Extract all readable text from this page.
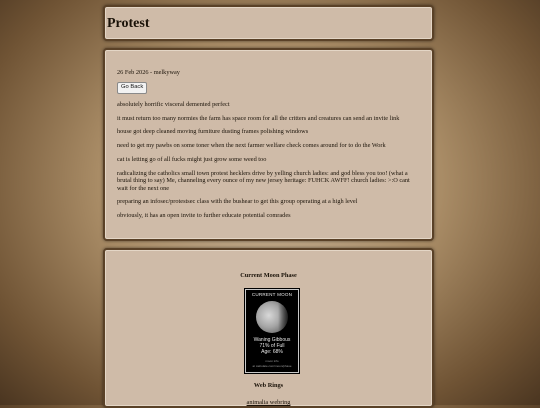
Protest

26 Feb 2026 - melkyway

Go Back

absolutely horrific visceral demented perfect

it must return too many normies the farm has space room for all the critters and creatures can send an invite link

house got deep cleaned moving furniture dusting frames polishing windows

need to get my pawbs on some toner when the next farmer welfare check comes around for to do the Work

cat is letting go of all fucks might just grow some weed too

radicalizing the catholics small town protest hecklers drive by yelling church ladies: and god bless you too! (what a brutal thing to say) Me, channeling every ounce of my new jersey heritage: FUHCK AWFF! church ladies: >:O cant wait for the next one

preparing an infosec/protestsec class with the bushear to get this group operating at a high level

obviously, it has an open invite to further educate potential comrades

Current Moon Phase
CURRENT MOON
Waning Gibbous
71% of Full
Age: 68%
moon info
at calculate.com/moon/phase
Web Rings
animalia webring
